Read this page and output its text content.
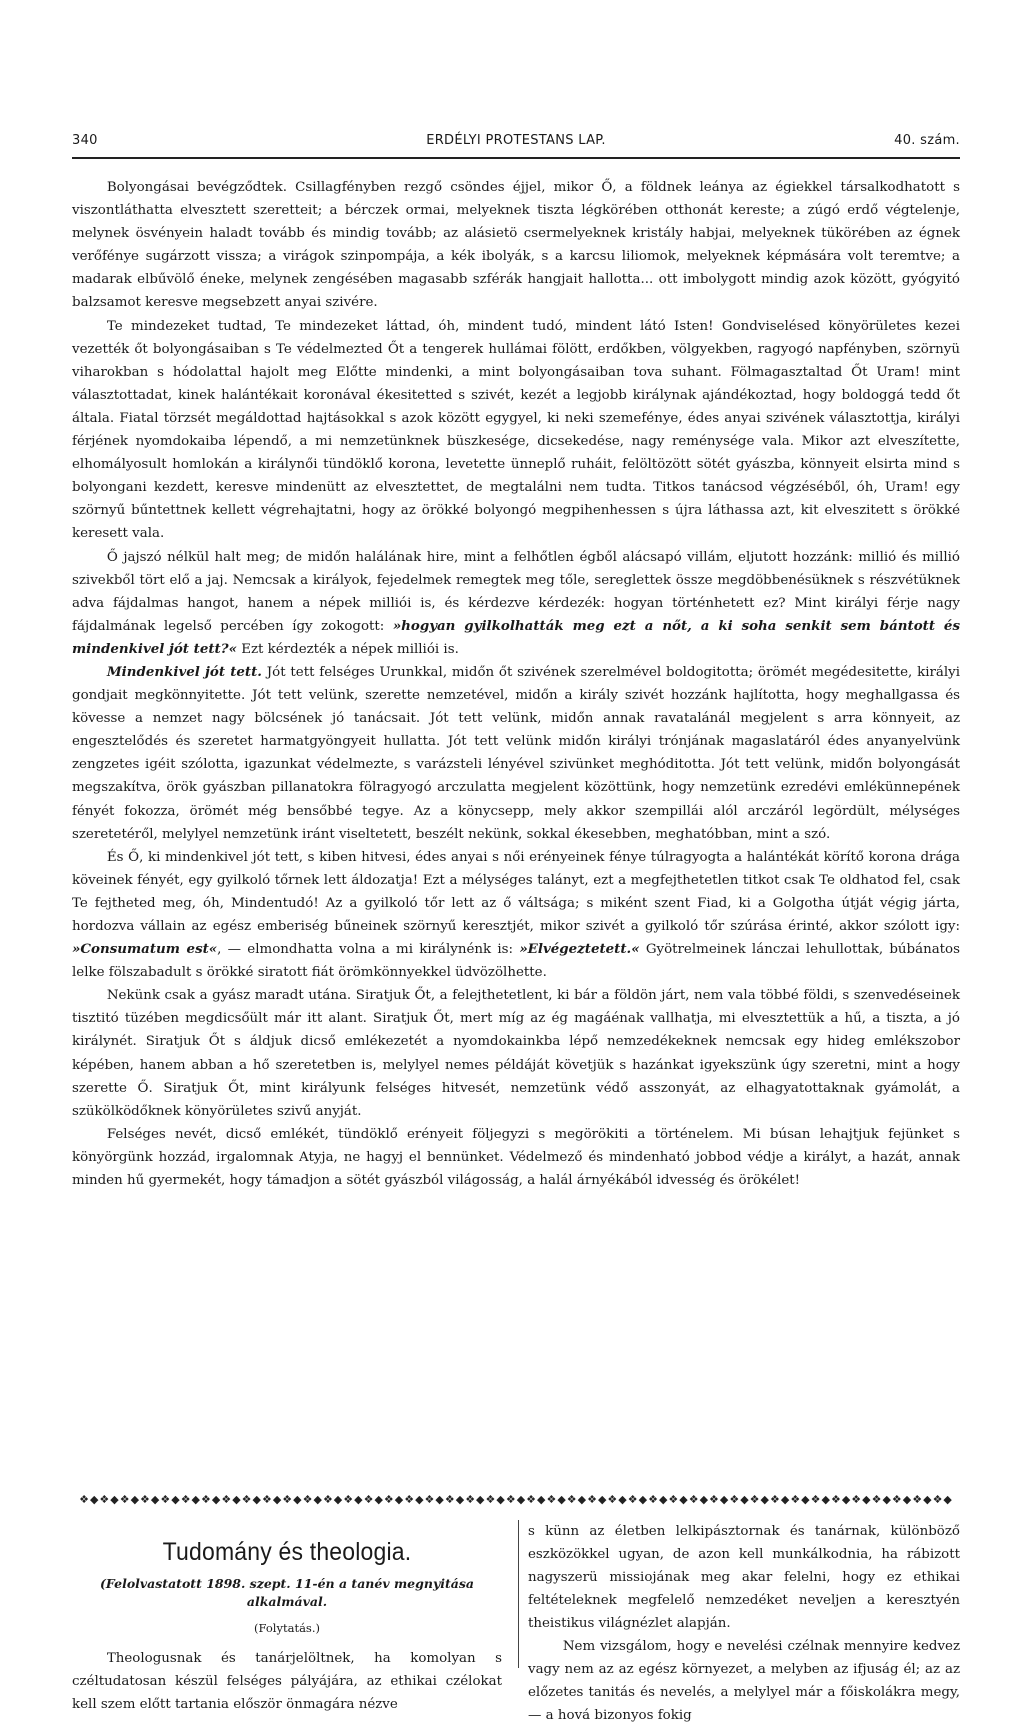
340	ERDÉLYI PROTESTANS LAP.	40. szám.

Bolyongásai bevégződtek. Csillagfényben rezgő csöndes éjjel, mikor Ő, a földnek leánya az égiekkel társalkodhatott s viszontláthatta elvesztett szeretteit; a bérczek ormai, melyeknek tiszta légkörében otthonát kereste; a zúgó erdő végtelenje, melynek ösvényein haladt tovább és mindig tovább; az alásietö csermelyeknek kristály habjai, melyeknek tükörében az égnek verőfénye sugárzott vissza; a virágok szinpompája, a kék ibolyák, s a karcsu liliomok, melyeknek képmására volt teremtve; a madarak elbűvölő éneke, melynek zengésében magasabb szférák hangjait hallotta... ott imbolygott mindig azok között, gyógyitó balzsamot keresve megsebzett anyai szivére.

Te mindezeket tudtad, Te mindezeket láttad, óh, mindent tudó, mindent látó Isten! Gondviselésed könyörületes kezei vezették őt bolyongásaiban s Te védelmezted Őt a tengerek hullámai fölött, erdőkben, völgyekben, ragyogó napfényben, szörnyü viharokban s hódolattal hajolt meg Előtte mindenki, a mint bolyongásaiban tova suhant. Fölmagasztaltad Őt Uram! mint választottadat, kinek halántékait koronával ékesitetted s szivét, kezét a legjobb királynak ajándékoztad, hogy boldoggá tedd őt általa. Fiatal törzsét megáldottad hajtásokkal s azok között egygyel, ki neki szemefénye, édes anyai szivének választottja, királyi férjének nyomdokaiba lépendő, a mi nemzetünknek büszkesége, dicsekedése, nagy reménysége vala. Mikor azt elveszítette, elhomályosult homlokán a királynői tündöklő korona, levetette ünneplő ruháit, felöltözött sötét gyászba, könnyeit elsirta mind s bolyongani kezdett, keresve mindenütt az elvesztettet, de megtalálni nem tudta. Titkos tanácsod végzéséből, óh, Uram! egy szörnyű bűntettnek kellett végrehajtatni, hogy az örökké bolyongó megpihenhessen s újra láthassa azt, kit elveszitett s örökké keresett vala.

Ő jajszó nélkül halt meg; de midőn halálának hire, mint a felhőtlen égből alácsapó villám, eljutott hozzánk: millió és millió szivekből tört elő a jaj. Nemcsak a királyok, fejedelmek remegtek meg tőle, sereglettek össze megdöbbenésüknek s részvétüknek adva fájdalmas hangot, hanem a népek milliói is, és kérdezve kérdezék: hogyan történhetett ez? Mint királyi férje nagy fájdalmának legelső percében így zokogott: »hogyan gyilkolhatták meg ezt a nőt, a ki soha senkit sem bántott és mindenkivel jót tett?« Ezt kérdezték a népek milliói is.

Mindenkivel jót tett. Jót tett felséges Urunkkal, midőn őt szivének szerelmével boldogitotta; örömét megédesitette, királyi gondjait megkönnyitette. Jót tett velünk, szerette nemzetével, midőn a király szivét hozzánk hajlította, hogy meghallgassa és kövesse a nemzet nagy bölcsének jó tanácsait. Jót tett velünk, midőn annak ravatalánál megjelent s arra könnyeit, az engesztelődés és szeretet harmatgyöngyeit hullatta. Jót tett velünk midőn királyi trónjának magaslatáról édes anyanyelvünk zengzetes igéit szólotta, igazunkat védelmezte, s varázsteli lényével szivünket meghóditotta. Jót tett velünk, midőn bolyongását megszakítva, örök gyászban pillanatokra fölragyogó arczulatta megjelent közöttünk, hogy nemzetünk ezredévi emlékünnepének fényét fokozza, örömét még bensőbbé tegye. Az a könycsepp, mely akkor szempillái alól arczáról legördült, mélységes szeretetéről, melylyel nemzetünk iránt viseltetett, beszélt nekünk, sokkal ékesebben, meghatóbban, mint a szó.

És Ő, ki mindenkivel jót tett, s kiben hitvesi, édes anyai s női erényeinek fénye túlragyogta a halántékát körítő korona drága köveinek fényét, egy gyilkoló tőrnek lett áldozatja! Ezt a mélységes talányt, ezt a megfejthetetlen titkot csak Te oldhatod fel, csak Te fejtheted meg, óh, Mindentudó! Az a gyilkoló tőr lett az ő váltsága; s miként szent Fiad, ki a Golgotha útját végig járta, hordozva vállain az egész emberiség bűneinek szörnyű keresztjét, mikor szivét a gyilkoló tőr szúrása érinté, akkor szólott igy: »Consumatum est«, — elmondhatta volna a mi királynénk is: »Elvégeztetett.« Gyötrelmeinek lánczai lehullottak, búbánatos lelke fölszabadult s örökké siratott fiát örömkönnyekkel üdvözölhette.

Nekünk csak a gyász maradt utána. Siratjuk Őt, a felejthetetlent, ki bár a földön járt, nem vala többé földi, s szenvedéseinek tisztitó tüzében megdicsőült már itt alant. Siratjuk Őt, mert míg az ég magáénak vallhatja, mi elvesztettük a hű, a tiszta, a jó királynét. Siratjuk Őt s áldjuk dicső emlékezetét a nyomdokainkba lépő nemzedékeknek nemcsak egy hideg emlékszobor képében, hanem abban a hő szeretetben is, melylyel nemes példáját követjük s hazánkat igyekszünk úgy szeretni, mint a hogy szerette Ő. Siratjuk Őt, mint királyunk felséges hitvesét, nemzetünk védő asszonyát, az elhagyatottaknak gyámolát, a szükölködőknek könyörületes szivű anyját.

Felséges nevét, dicső emlékét, tündöklő erényeit följegyzi s megörökiti a történelem. Mi búsan lehajtjuk fejünket s könyörgünk hozzád, irgalomnak Atyja, ne hagyj el bennünket. Védelmező és mindenható jobbod védje a királyt, a hazát, annak minden hű gyermekét, hogy támadjon a sötét gyászból világosság, a halál árnyékából idvesség és örökélet!

❖◆❖◆❖◆❖◆❖◆❖◆❖◆❖◆❖◆❖◆❖◆❖◆❖◆❖◆❖◆❖◆❖◆❖◆❖◆❖◆❖◆❖◆❖◆❖◆❖◆❖◆❖◆❖◆❖◆❖◆❖◆❖◆❖◆❖◆❖◆❖◆❖◆❖◆❖◆❖◆❖◆❖◆❖◆
Tudomány és theologia.
(Felolvastatott 1898. szept. 11-én a tanév megnyitása alkalmával.
(Folytatás.)

Theologusnak és tanárjelöltnek, ha komolyan s czéltudatosan készül felséges pályájára, az ethikai czélokat kell szem előtt tartania először önmagára nézve

s künn az életben lelkipásztornak és tanárnak, különböző eszközökkel ugyan, de azon kell munkálkodnia, ha rábizott nagyszerü missiojának meg akar felelni, hogy ez ethikai feltételeknek megfelelő nemzedéket neveljen a keresztyén theistikus világnézlet alapján.

Nem vizsgálom, hogy e nevelési czélnak mennyire kedvez vagy nem az az egész környezet, a melyben az ifjuság él; az az előzetes tanitás és nevelés, a melylyel már a főiskolákra megy, — a hová bizonyos fokig
